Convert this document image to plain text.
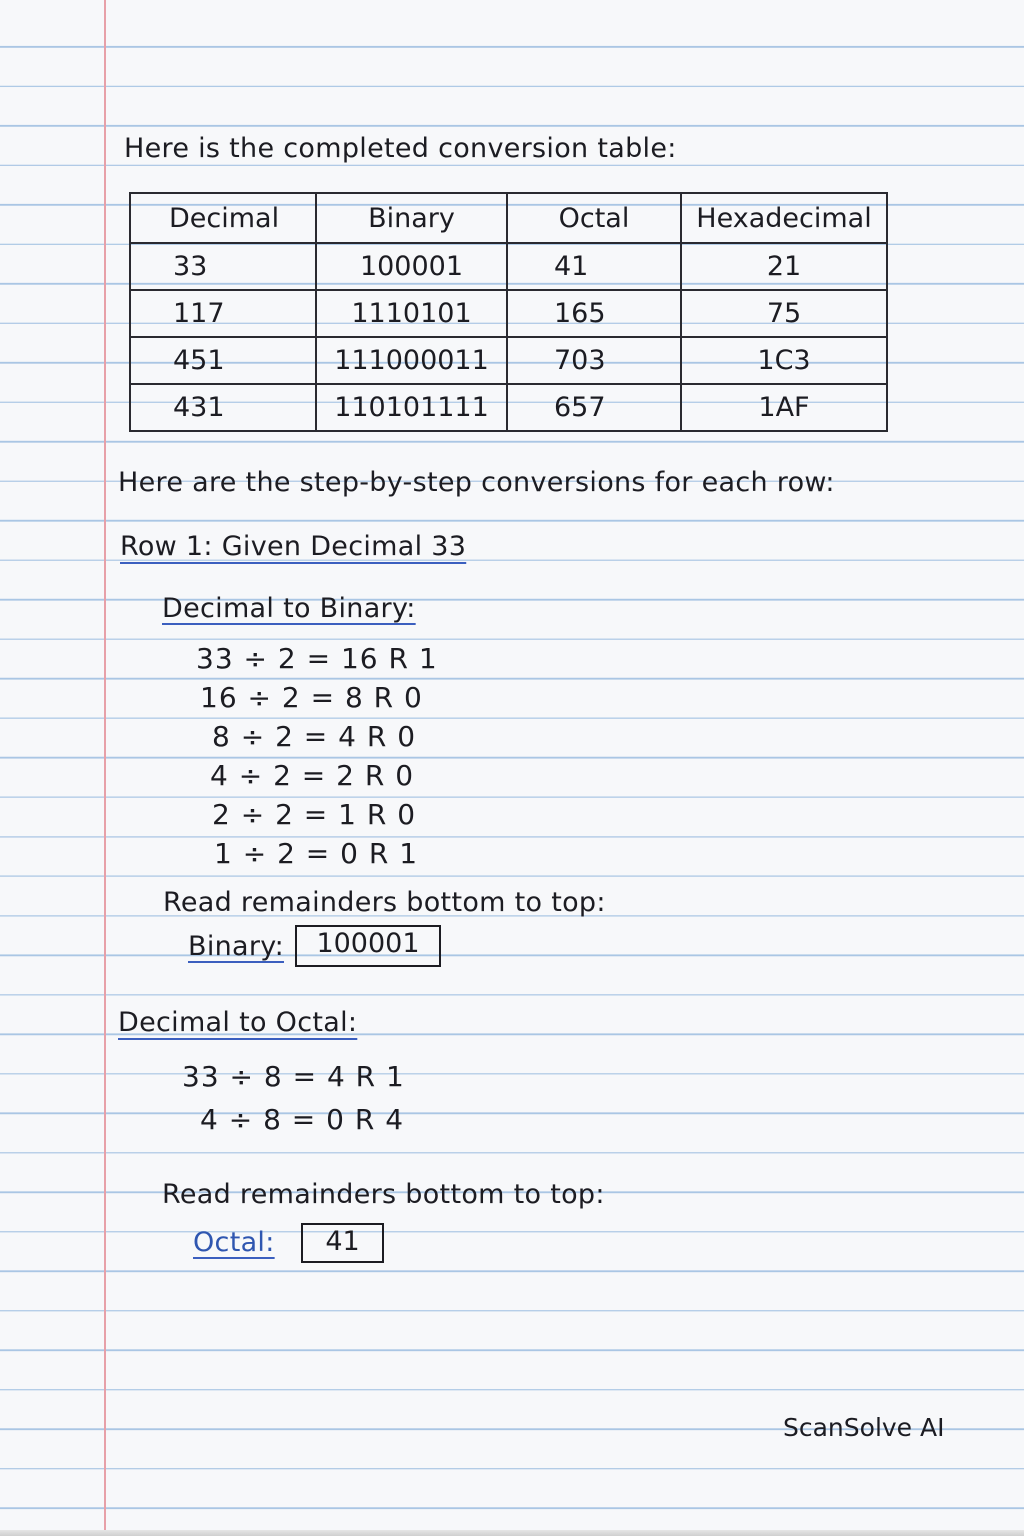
Here is the completed conversion table:
Decimal	Binary	Octal	Hexadecimal
33	100001	41	21
117	1110101	165	75
451	111000011	703	1C3
431	110101111	657	1AF
Here are the step-by-step conversions for each row:
Row 1: Given Decimal 33
Decimal to Binary:
33 ÷ 2 = 16 R 1
16 ÷ 2 = 8 R 0
8 ÷ 2 = 4 R 0
4 ÷ 2 = 2 R 0
2 ÷ 2 = 1 R 0
1 ÷ 2 = 0 R 1
Read remainders bottom to top:
Binary:	100001
Decimal to Octal:
33 ÷ 8 = 4 R 1
4 ÷ 8 = 0 R 4
Read remainders bottom to top:
Octal:	41
ScanSolve AI
